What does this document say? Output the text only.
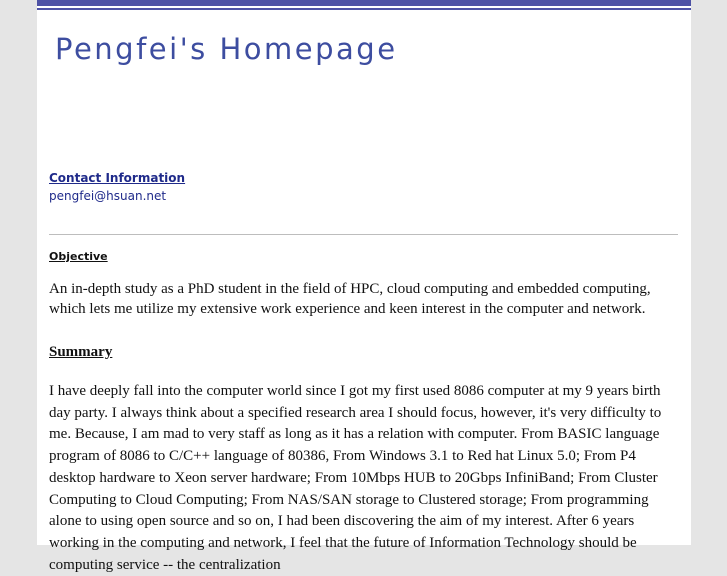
Pengfei's Homepage
Contact Information

pengfei@hsuan.net

Objective

An in-depth study as a PhD student in the field of HPC, cloud computing and embedded computing, which lets me utilize my extensive work experience and keen interest in the computer and network.

Summary

I have deeply fall into the computer world since I got my first used 8086 computer at my 9 years birth day party. I always think about a specified research area I should focus, however, it's very difficulty to me. Because, I am mad to very staff as long as it has a relation with computer. From BASIC language program of 8086 to C/C++ language of 80386, From Windows 3.1 to Red hat Linux 5.0; From P4 desktop hardware to Xeon server hardware; From 10Mbps HUB to 20Gbps InfiniBand; From Cluster Computing to Cloud Computing; From NAS/SAN storage to Clustered storage; From programming alone to using open source and so on, I had been discovering the aim of my interest. After 6 years working in the computing and network, I feel that the future of Information Technology should be computing service -- the centralization
